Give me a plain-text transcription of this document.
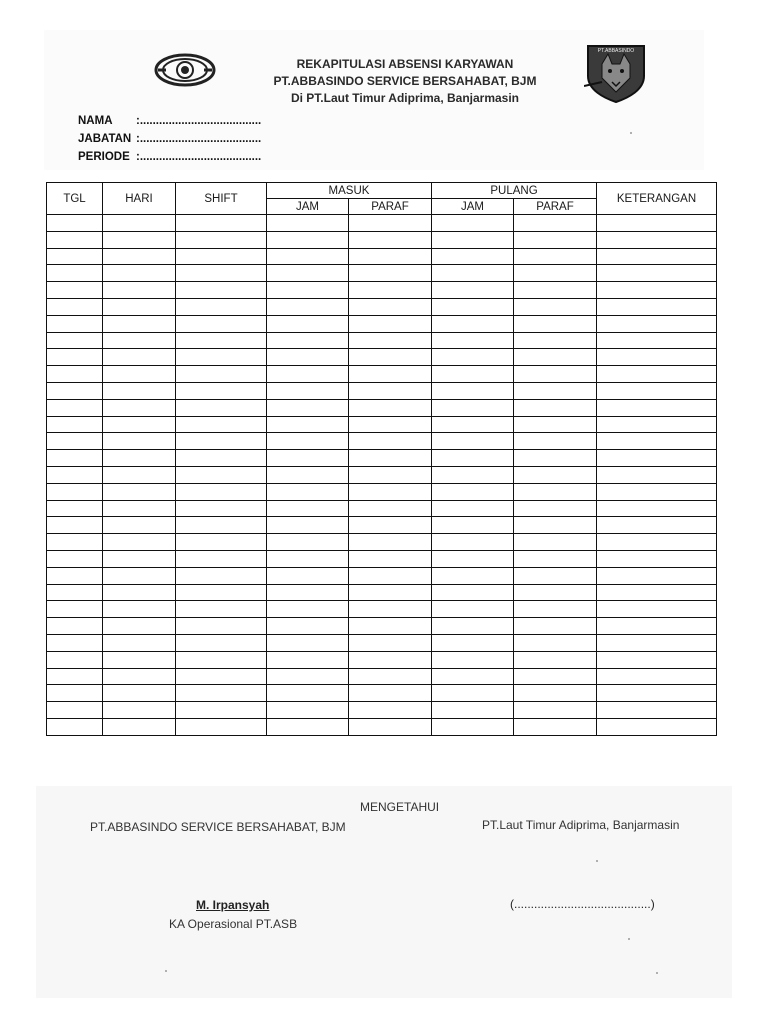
PT.ABBASINDO
REKAPITULASI ABSENSI KARYAWAN
PT.ABBASINDO SERVICE BERSAHABAT, BJM
Di PT.Laut Timur Adiprima, Banjarmasin
NAMA	:......................................
JABATAN :......................................
PERIODE :......................................
TGL	HARI	SHIFT	MASUK		PULANG		KETERANGAN
			JAM	PARAF	JAM	PARAF	

MENGETAHUI
PT.ABBASINDO SERVICE BERSAHABAT, BJM	PT.Laut Timur Adiprima, Banjarmasin
M. Irpansyah
KA Operasional PT.ASB
(.........................................)
